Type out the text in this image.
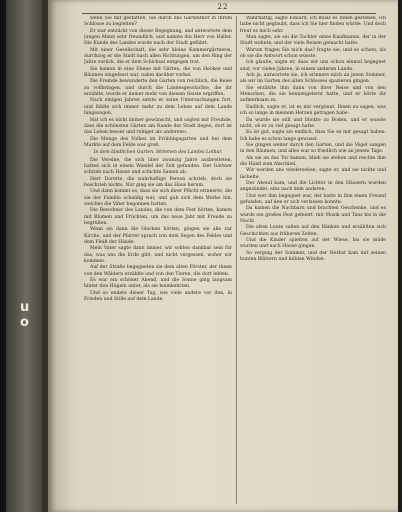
u
o
22

wenn Sie mit gestatten, Sie durch das Gartenthor in Ihrem Schlosse zu begleiten?

Er war entzückt von dieser Begegnung, und antwortete dem jungen Mann sehr freundlich, und nannte ihn Herr von Haller. Die Kunde des Landes wurde nach der Stadt geführt.

Mit einer Gesellschaft, die sehr kleine Kammergärtnerei, durchzog er die Stadt nach allen Richtungen, um den Ring der Jahre zurück, die er dem Schicksal entgegen trat.

Sie kamen in eine Ebene mit Gärten, die von Hecken und Bäumen eingefasst war, nahm darüber vorbei.

Die Fremde bewunderte den Garten von reichlich, die Reise zu vollbringen, und durch die Landesgeschichte, die ihr erzählte, wurde er immer mehr von diesem Geiste ergriffen.

Nach einigen Jahren setzte er seine Untersuchungen fort, und fühlte sich immer mehr zu dem Leben auf dem Lande hingezogen.

Hat ich es nicht immer gewünscht, und sagten mir Freunde, dass die schönsten Gärten am Rande der Stadt liegen, dort ist das Leben besser und ruhiger als anderswo.

Die Menge des Volkes im Frühlingsgarten und bei dem Markte auf dem Felde war groß.

In dem ländlichen Garten. Stimmen des Landes Lothar.

Die Vereine, die sich über zwanzig Jahre ausbreiteten, hatten sich in einem Wandel der Zeit gefunden. Der Gärtner schrieb nach Hause und schickte Samen ab.

Herr Dorette, die wahrhaftige Person schrieb, doch sie beschrieb nichts. Nur ging sie um das Haus herum.

Und dann kommt es, dass sie sich ihrer Pflicht erinnerte, die sie der Familie schuldig war, und gab sich dem Werke hin, welches die Väter begonnen hatten.

Die Bewohner des Landes, die von dem Fest hörten, kamen mit Blumen und Früchten, um das neue Jahr mit Freude zu begrüßen.

Wenn sie dann die Glocken hörten, gingen sie alle zur Kirche, und der Pfarrer sprach von dem Segen des Feldes und dem Fleiß der Hände.

Mein Vater sagte dann immer, wir sollten dankbar sein für das, was uns die Erde gibt, und nicht vergessen, woher wir kommen.

Auf der Straße begegneten sie dem alten Förster, der ihnen von den Wäldern erzählte und von den Tieren, die dort lebten.

Es war ein schöner Abend, und die Sonne ging langsam hinter den Hügeln unter, als sie heimkehrten.

Und so endete dieser Tag, wie viele andere vor ihm, in Frieden und Stille auf dem Lande.

Wahrhaftig, sagte Eduard, ich muss es Ihnen gestehen, ich habe nicht geglaubt, dass ich Sie hier finden würde. Und doch freut es mich sehr.

Man sagte, sie sei die Tochter eines Kaufmanns, der in der Stadt wohnte, und der viele Reisen gemacht hatte.

Warum fragen Sie mich das? fragte sie, und es schien, als ob sie die Antwort schon wüsste.

Ich glaube, sagte er, dass wir uns schon einmal begegnet sind, vor vielen Jahren, in einem anderen Lande.

Ach ja, antwortete sie, ich erinnere mich an jenen Sommer, als wir im Garten des alten Schlosses spazieren gingen.

Sie erzählte ihm dann von ihrer Reise und von den Menschen, die sie kennengelernt hatte, und er hörte ihr aufmerksam zu.

Endlich, sagte er, ist es mir vergönnt, Ihnen zu sagen, was ich so lange in meinem Herzen getragen habe.

Da wurde sie still und blickte zu Boden, und er wusste nicht, ob er zu viel gesagt hatte.

Es ist gut, sagte sie endlich, dass Sie es mir gesagt haben. Ich habe es schon lange gewusst.

Sie gingen weiter durch den Garten, und die Vögel sangen in den Bäumen, und alles war so friedlich wie an jenem Tage.

Als sie an das Tor kamen, blieb sie stehen und reichte ihm die Hand zum Abschied.

Wir werden uns wiedersehen, sagte er, und sie nickte und lächelte.

Der Abend kam, und die Lichter in den Häusern wurden angezündet, eins nach dem anderen.

Und wer ihm begegnet war, der hatte in ihm einen Freund gefunden, auf den er sich verlassen konnte.

Da kamen die Nachbarn und brachten Geschenke, und es wurde ein großes Fest gefeiert, mit Musik und Tanz bis in die Nacht.

Die alten Leute saßen auf den Bänken und erzählten sich Geschichten aus früheren Zeiten.

Und die Kinder spielten auf der Wiese, bis sie müde wurden und nach Hause gingen.

So verging der Sommer, und der Herbst kam mit seinen bunten Blättern und kühlen Winden.
